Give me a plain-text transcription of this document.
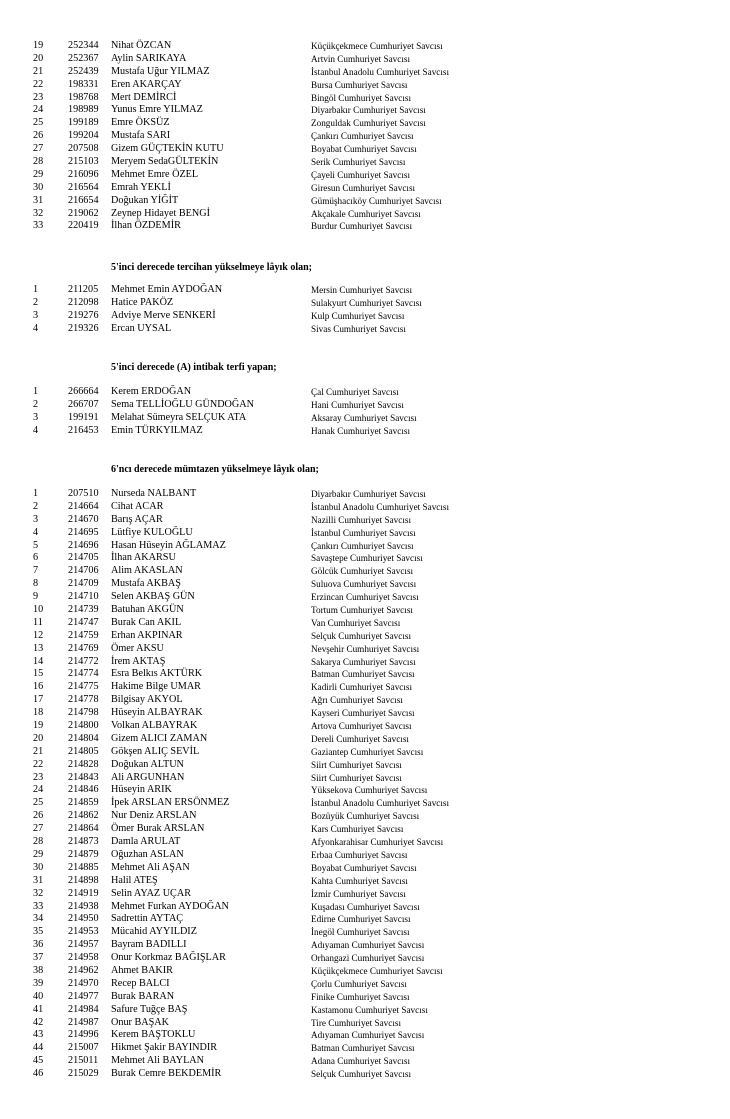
19	252344 Nihat ÖZCAN	Küçükçekmece Cumhuriyet Savcısı
20	252367 Aylin SARIKAYA	Artvin Cumhuriyet Savcısı
21	252439 Mustafa Uğur YILMAZ	İstanbul Anadolu Cumhuriyet Savcısı
22	198331 Eren AKARÇAY	Bursa Cumhuriyet Savcısı
23	198768 Mert DEMİRCİ	Bingöl Cumhuriyet Savcısı
24	198989 Yunus Emre YILMAZ	Diyarbakır Cumhuriyet Savcısı
25	199189 Emre ÖKSÜZ	Zonguldak Cumhuriyet Savcısı
26	199204 Mustafa SARI	Çankırı Cumhuriyet Savcısı
27	207508 Gizem GÜÇTEKİN KUTU	Boyabat Cumhuriyet Savcısı
28	215103 Meryem SedaGÜLTEKİN	Serik Cumhuriyet Savcısı
29	216096 Mehmet Emre ÖZEL	Çayeli Cumhuriyet Savcısı
30	216564 Emrah YEKLİ	Giresun Cumhuriyet Savcısı
31	216654 Doğukan YİĞİT	Gümüşhacıköy Cumhuriyet Savcısı
32	219062 Zeynep Hidayet BENGİ	Akçakale Cumhuriyet Savcısı
33	220419 İlhan ÖZDEMİR	Burdur Cumhuriyet Savcısı
5'inci derecede tercihan yükselmeye lâyık olan;
1	211205 Mehmet Emin AYDOĞAN	Mersin Cumhuriyet Savcısı
2	212098 Hatice PAKÖZ	Sulakyurt Cumhuriyet Savcısı
3	219276 Adviye Merve SENKERİ	Kulp Cumhuriyet Savcısı
4	219326 Ercan UYSAL	Sivas Cumhuriyet Savcısı
5'inci derecede (A) intibak terfi yapan;
1	266664 Kerem ERDOĞAN	Çal Cumhuriyet Savcısı
2	266707 Sema TELLİOĞLU GÜNDOĞAN	Hani Cumhuriyet Savcısı
3	199191 Melahat Sümeyra SELÇUK ATA	Aksaray Cumhuriyet Savcısı
4	216453 Emin TÜRKYILMAZ	Hanak Cumhuriyet Savcısı
6'ncı derecede mümtazen yükselmeye lâyık olan;
1	207510 Nurseda NALBANT	Diyarbakır Cumhuriyet Savcısı
2	214664 Cihat ACAR	İstanbul Anadolu Cumhuriyet Savcısı
3	214670 Barış AÇAR	Nazilli Cumhuriyet Savcısı
4	214695 Lütfiye KULOĞLU	İstanbul Cumhuriyet Savcısı
5	214696 Hasan Hüseyin AĞLAMAZ	Çankırı Cumhuriyet Savcısı
6	214705 İlhan AKARSU	Savaştepe Cumhuriyet Savcısı
7	214706 Alim AKASLAN	Gölcük Cumhuriyet Savcısı
8	214709 Mustafa AKBAŞ	Suluova Cumhuriyet Savcısı
9	214710 Selen AKBAŞ GÜN	Erzincan Cumhuriyet Savcısı
10	214739 Batuhan AKGÜN	Tortum Cumhuriyet Savcısı
11	214747 Burak Can AKIL	Van Cumhuriyet Savcısı
12	214759 Erhan AKPINAR	Selçuk Cumhuriyet Savcısı
13	214769 Ömer AKSU	Nevşehir Cumhuriyet Savcısı
14	214772 İrem AKTAŞ	Sakarya Cumhuriyet Savcısı
15	214774 Esra Belkıs AKTÜRK	Batman Cumhuriyet Savcısı
16	214775 Hakime Bilge UMAR	Kadirli Cumhuriyet Savcısı
17	214778 Bilgisay AKYOL	Ağrı Cumhuriyet Savcısı
18	214798 Hüseyin ALBAYRAK	Kayseri Cumhuriyet Savcısı
19	214800 Volkan ALBAYRAK	Artova Cumhuriyet Savcısı
20	214804 Gizem ALICI ZAMAN	Dereli Cumhuriyet Savcısı
21	214805 Gökşen ALIÇ SEVİL	Gaziantep Cumhuriyet Savcısı
22	214828 Doğukan ALTUN	Siirt Cumhuriyet Savcısı
23	214843 Ali ARGUNHAN	Siirt Cumhuriyet Savcısı
24	214846 Hüseyin ARIK	Yüksekova Cumhuriyet Savcısı
25	214859 İpek ARSLAN ERSÖNMEZ	İstanbul Anadolu Cumhuriyet Savcısı
26	214862 Nur Deniz ARSLAN	Bozüyük Cumhuriyet Savcısı
27	214864 Ömer Burak ARSLAN	Kars Cumhuriyet Savcısı
28	214873 Damla ARULAT	Afyonkarahisar Cumhuriyet Savcısı
29	214879 Oğuzhan ASLAN	Erbaa Cumhuriyet Savcısı
30	214885 Mehmet Ali AŞAN	Boyabat Cumhuriyet Savcısı
31	214898 Halil ATEŞ	Kahta Cumhuriyet Savcısı
32	214919 Selin AYAZ UÇAR	İzmir Cumhuriyet Savcısı
33	214938 Mehmet Furkan AYDOĞAN	Kuşadası Cumhuriyet Savcısı
34	214950 Sadrettin AYTAÇ	Edirne Cumhuriyet Savcısı
35	214953 Mücahid AYYILDIZ	İnegöl Cumhuriyet Savcısı
36	214957 Bayram BADILLI	Adıyaman Cumhuriyet Savcısı
37	214958 Onur Korkmaz BAĞIŞLAR	Orhangazi Cumhuriyet Savcısı
38	214962 Ahmet BAKIR	Küçükçekmece Cumhuriyet Savcısı
39	214970 Recep BALCI	Çorlu Cumhuriyet Savcısı
40	214977 Burak BARAN	Finike Cumhuriyet Savcısı
41	214984 Safure Tuğçe BAŞ	Kastamonu Cumhuriyet Savcısı
42	214987 Onur BAŞAK	Tire Cumhuriyet Savcısı
43	214996 Kerem BAŞTOKLU	Adıyaman Cumhuriyet Savcısı
44	215007 Hikmet Şakir BAYINDIR	Batman Cumhuriyet Savcısı
45	215011 Mehmet Ali BAYLAN	Adana Cumhuriyet Savcısı
46	215029 Burak Cemre BEKDEMİR	Selçuk Cumhuriyet Savcısı
